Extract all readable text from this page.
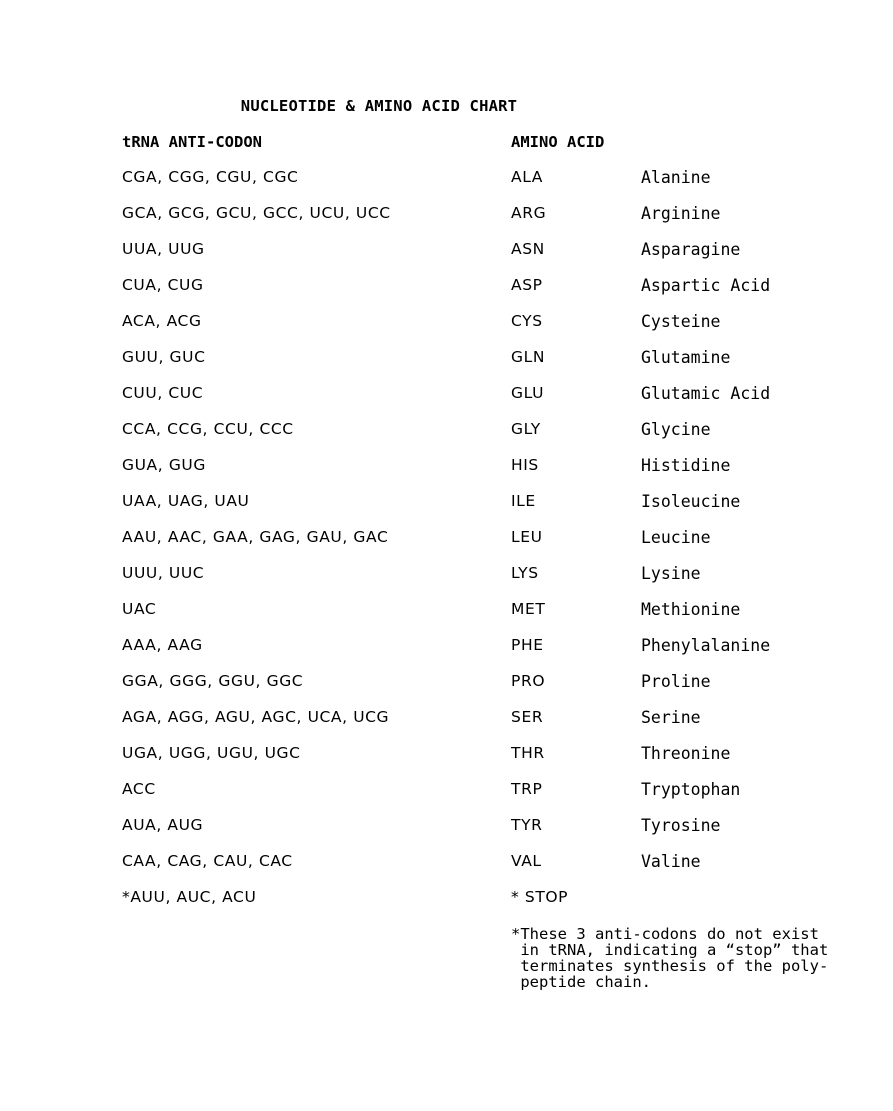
NUCLEOTIDE & AMINO ACID CHART
tRNA ANTI-CODON	AMINO ACID
CGA, CGG, CGU, CGC	ALA	Alanine
GCA, GCG, GCU, GCC, UCU, UCC	ARG	Arginine
UUA, UUG	ASN	Asparagine
CUA, CUG	ASP	Aspartic Acid
ACA, ACG	CYS	Cysteine
GUU, GUC	GLN	Glutamine
CUU, CUC	GLU	Glutamic Acid
CCA, CCG, CCU, CCC	GLY	Glycine
GUA, GUG	HIS	Histidine
UAA, UAG, UAU	ILE	Isoleucine
AAU, AAC, GAA, GAG, GAU, GAC	LEU	Leucine
UUU, UUC	LYS	Lysine
UAC	MET	Methionine
AAA, AAG	PHE	Phenylalanine
GGA, GGG, GGU, GGC	PRO	Proline
AGA, AGG, AGU, AGC, UCA, UCG	SER	Serine
UGA, UGG, UGU, UGC	THR	Threonine
ACC	TRP	Tryptophan
AUA, AUG	TYR	Tyrosine
CAA, CAG, CAU, CAC	VAL	Valine
*AUU, AUC, ACU	* STOP
*These 3 anti-codons do not exist
in tRNA, indicating a “stop” that
terminates synthesis of the poly-
peptide chain.
